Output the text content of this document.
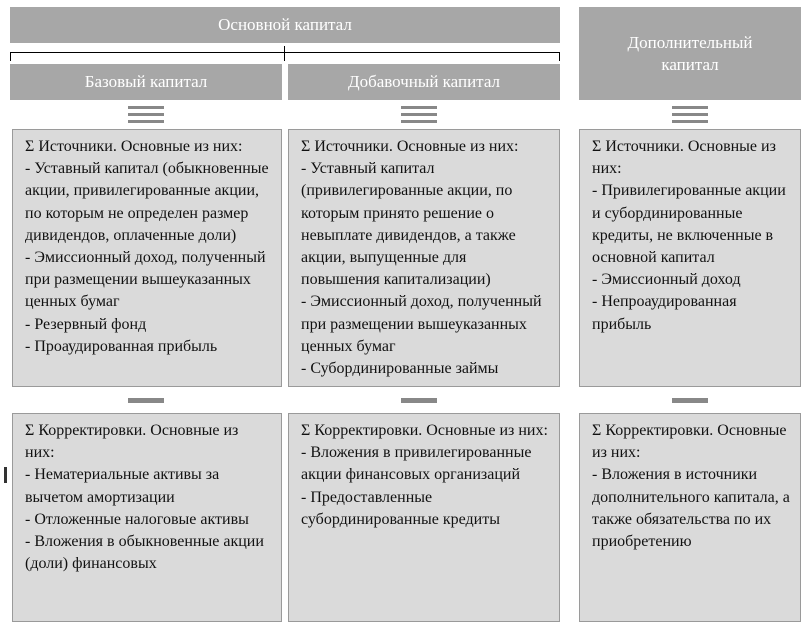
Основной капитал
Дополнительный капитал
Базовый капитал	Добавочный капитал
Σ Источники. Основные из них:
- Уставный капитал (обыкновенные акции, привилегированные акции, по которым не определен размер дивидендов, оплаченные доли)
- Эмиссионный доход, полученный при размещении вышеуказанных ценных бумаг
- Резервный фонд
- Проаудированная прибыль
Σ Источники. Основные из них:
- Уставный капитал (привилегированные акции, по которым принято решение о невыплате дивидендов, а также акции, выпущенные для повышения капитализации)
- Эмиссионный доход, полученный при размещении вышеуказанных ценных бумаг
- Субординированные займы
Σ Источники. Основные из них:
- Привилегированные акции и субординированные кредиты, не включенные в основной капитал
- Эмиссионный доход
- Непроаудированная прибыль
Σ Корректировки. Основные из них:
- Нематериальные активы за вычетом амортизации
- Отложенные налоговые активы
- Вложения в обыкновенные акции (доли) финансовых
Σ Корректировки. Основные из них:
- Вложения в привилегированные акции финансовых организаций
- Предоставленные субординированные кредиты
Σ Корректировки. Основные из них:
- Вложения в источники дополнительного капитала, а также обязательства по их приобретению
